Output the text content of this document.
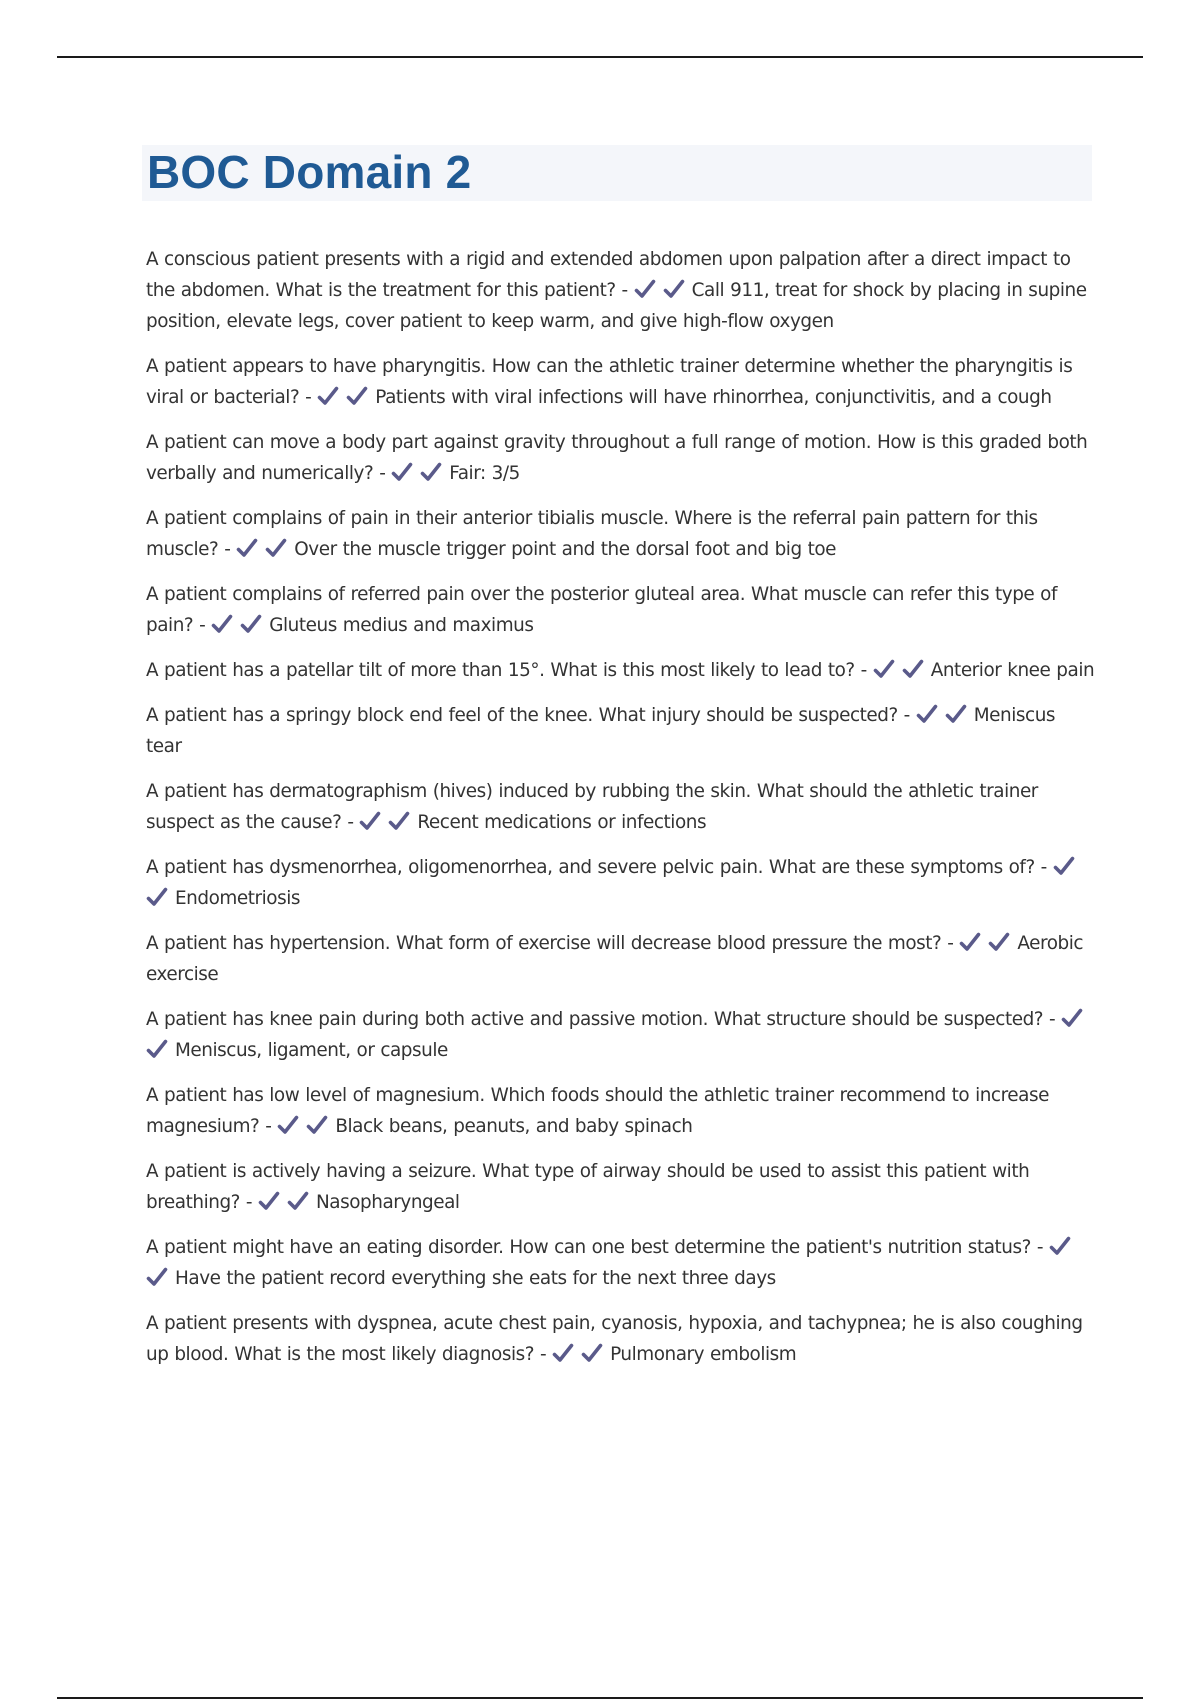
BOC Domain 2

A conscious patient presents with a rigid and extended abdomen upon palpation after a direct impact to the abdomen. What is the treatment for this patient? -	Call 911, treat for shock by placing in supine position, elevate legs, cover patient to keep warm, and give high-flow oxygen

A patient appears to have pharyngitis. How can the athletic trainer determine whether the pharyngitis is viral or bacterial? -	Patients with viral infections will have rhinorrhea, conjunctivitis, and a cough

A patient can move a body part against gravity throughout a full range of motion. How is this graded both verbally and numerically? -	Fair: 3/5

A patient complains of pain in their anterior tibialis muscle. Where is the referral pain pattern for this muscle? -	Over the muscle trigger point and the dorsal foot and big toe

A patient complains of referred pain over the posterior gluteal area. What muscle can refer this type of pain? -	Gluteus medius and maximus

A patient has a patellar tilt of more than 15°. What is this most likely to lead to? -	Anterior knee pain

A patient has a springy block end feel of the knee. What injury should be suspected? -	Meniscus tear

A patient has dermatographism (hives) induced by rubbing the skin. What should the athletic trainer suspect as the cause? -	Recent medications or infections

A patient has dysmenorrhea, oligomenorrhea, and severe pelvic pain. What are these symptoms of? -
Endometriosis

A patient has hypertension. What form of exercise will decrease blood pressure the most? -	Aerobic exercise

A patient has knee pain during both active and passive motion. What structure should be suspected? -
Meniscus, ligament, or capsule

A patient has low level of magnesium. Which foods should the athletic trainer recommend to increase magnesium? -	Black beans, peanuts, and baby spinach

A patient is actively having a seizure. What type of airway should be used to assist this patient with breathing? -	Nasopharyngeal

A patient might have an eating disorder. How can one best determine the patient's nutrition status? -
Have the patient record everything she eats for the next three days

A patient presents with dyspnea, acute chest pain, cyanosis, hypoxia, and tachypnea; he is also coughing up blood. What is the most likely diagnosis? -	Pulmonary embolism
